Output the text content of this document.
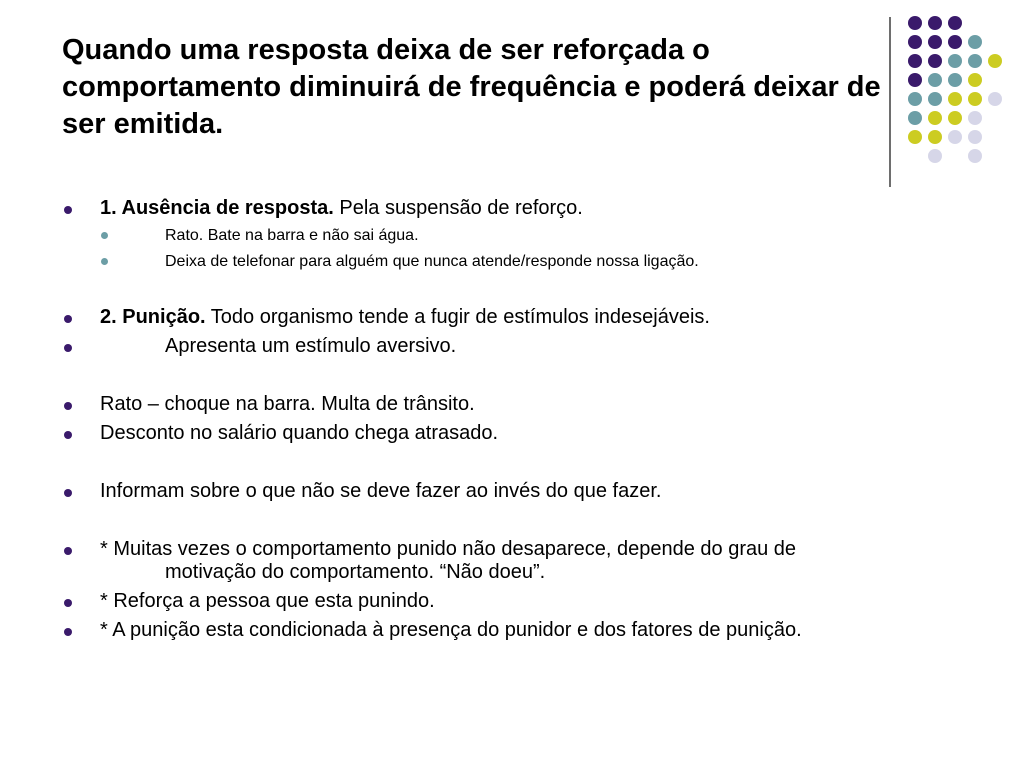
Quando uma resposta deixa de ser reforçada o comportamento diminuirá de frequência e poderá deixar de ser emitida.
1. Ausência de resposta. Pela suspensão de reforço.
Rato. Bate na barra e não sai água.
Deixa de telefonar para alguém que nunca atende/responde nossa ligação.
2. Punição. Todo organismo tende a fugir de estímulos indesejáveis.
Apresenta um estímulo aversivo.
Rato – choque na barra. Multa de trânsito.
Desconto no salário quando chega atrasado.
Informam sobre o que não se deve fazer ao invés do que fazer.
* Muitas vezes o comportamento punido não desaparece, depende do grau de
motivação do comportamento. “Não doeu”.
* Reforça a pessoa que esta punindo.
* A punição esta condicionada à presença do punidor e dos fatores de punição.
